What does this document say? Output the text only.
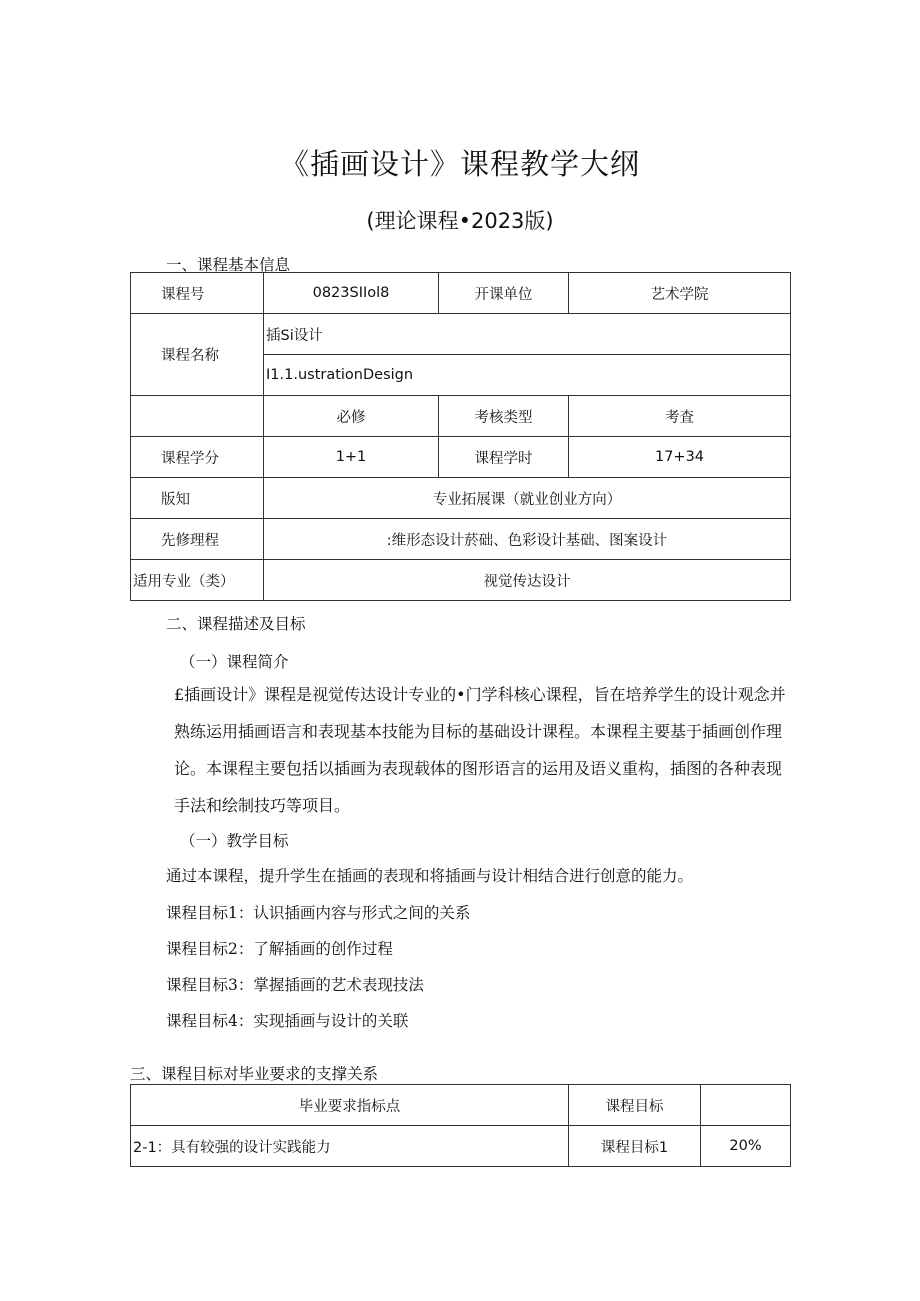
《插画设计》课程教学大纲
(理论课程•2023版)
一、课程基本信息
课程号	0823SIIol8	开课单位	艺术学院
课程名称	插Si设计		
	I1.1.ustrationDesign		
	必修	考核类型	考査
课程学分	1+1	课程学时	17+34
版知	专业拓展课（就业创业方向）		
先修理程	:维形态设计菸础、色彩设计基础、图案设计		
适用专业（类）	视觉传达设计		
二、课程描述及目标
（一）课程简介
£插画设计》课程是视觉传达设计专业的•门学科核心课程，旨在培养学生的设计观念并熟练运用插画语言和表现基本技能为目标的基础设计课程。本课程主要基于插画创作理论。本课程主要包括以插画为表现载体的图形语言的运用及语义重构，插图的各种表现手法和绘制技巧等项目。
（一）教学目标
通过本课程，提升学生在插画的表现和将插画与设计相结合进行创意的能力。
课程目标1：认识插画内容与形式之间的关系
课程目标2：了解插画的创作过程
课程目标3：掌握插画的艺术表现技法
课程目标4：实现插画与设计的关联
三、课程目标对毕业要求的支撑关系
毕业要求指标点	课程目标	
2-1：具有较强的设计实践能力	课程目标1	20%
